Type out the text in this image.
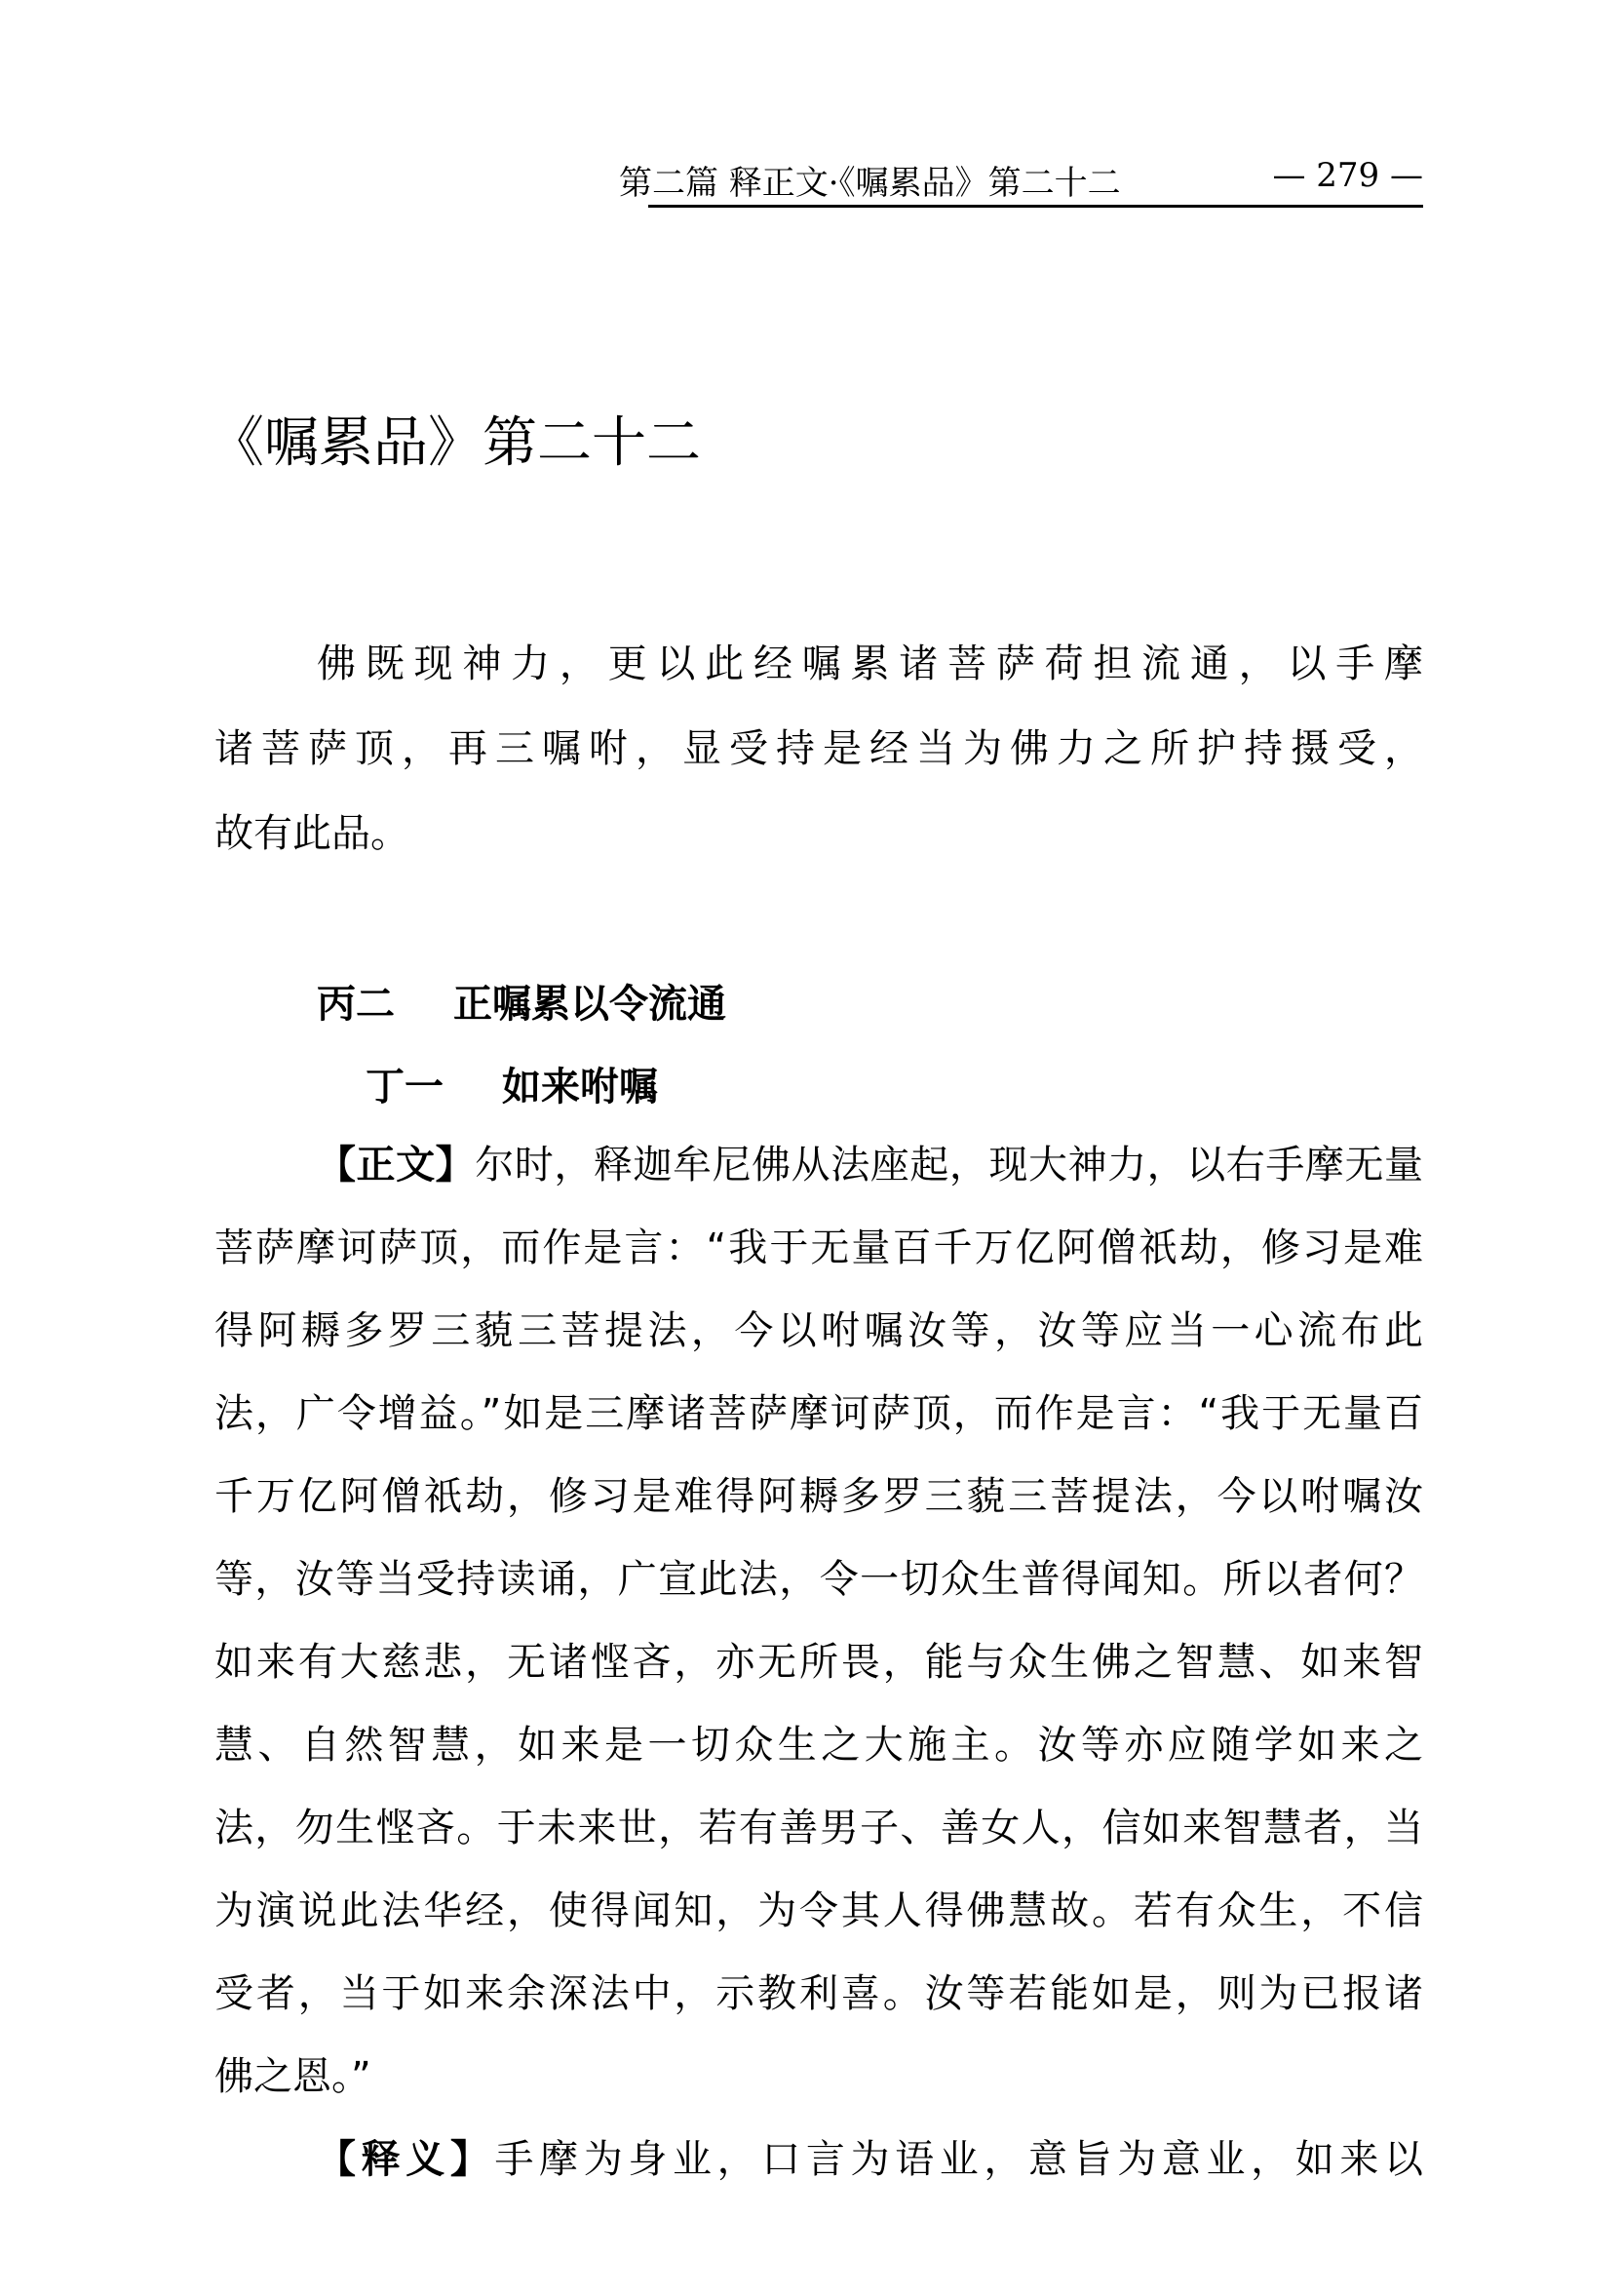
第二篇 释正文·《嘱累品》第二十二	— 279 —
《嘱累品》第二十二
佛既现神力，更以此经嘱累诸菩萨荷担流通，以手摩
诸菩萨顶，再三嘱咐，显受持是经当为佛力之所护持摄受，
故有此品。
丙二 正嘱累以令流通
丁一 如来咐嘱
【正文】尔时，释迦牟尼佛从法座起，现大神力，以右手摩无量
菩萨摩诃萨顶，而作是言：“我于无量百千万亿阿僧祇劫，修习是难
得阿耨多罗三藐三菩提法，今以咐嘱汝等，汝等应当一心流布此
法，广令增益。”如是三摩诸菩萨摩诃萨顶，而作是言：“我于无量百
千万亿阿僧祇劫，修习是难得阿耨多罗三藐三菩提法，今以咐嘱汝
等，汝等当受持读诵，广宣此法，令一切众生普得闻知。所以者何？
如来有大慈悲，无诸悭吝，亦无所畏，能与众生佛之智慧、如来智
慧、自然智慧，如来是一切众生之大施主。汝等亦应随学如来之
法，勿生悭吝。于未来世，若有善男子、善女人，信如来智慧者，当
为演说此法华经，使得闻知，为令其人得佛慧故。若有众生，不信
受者，当于如来余深法中，示教利喜。汝等若能如是，则为已报诸
佛之恩。”
【释义】手摩为身业，口言为语业，意旨为意业，如来以
